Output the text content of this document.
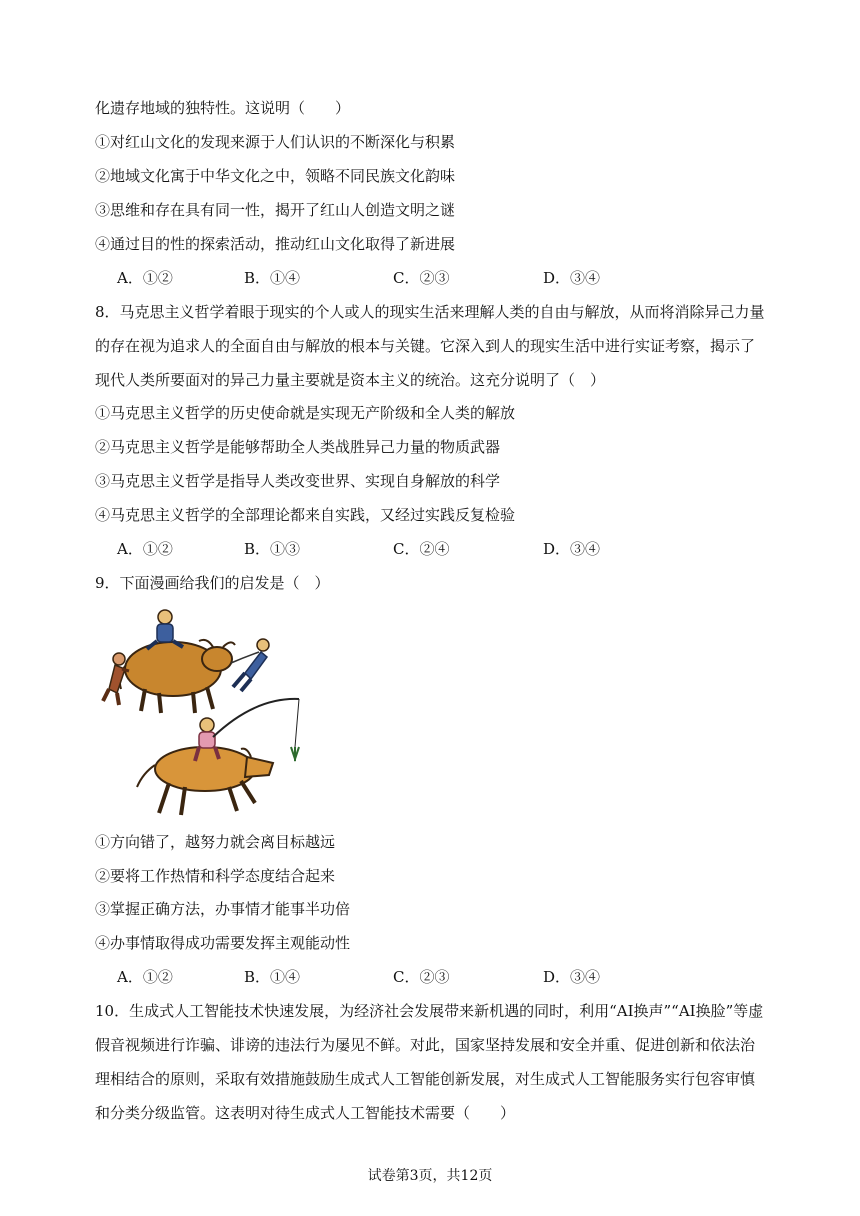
化遗存地域的独特性。这说明（　　）
①对红山文化的发现来源于人们认识的不断深化与积累
②地域文化寓于中华文化之中，领略不同民族文化韵味
③思维和存在具有同一性，揭开了红山人创造文明之谜
④通过目的性的探索活动，推动红山文化取得了新进展
A．①②	B．①④	C．②③	D．③④
8．马克思主义哲学着眼于现实的个人或人的现实生活来理解人类的自由与解放，从而将消除异己力量
的存在视为追求人的全面自由与解放的根本与关键。它深入到人的现实生活中进行实证考察，揭示了
现代人类所要面对的异己力量主要就是资本主义的统治。这充分说明了（　）
①马克思主义哲学的历史使命就是实现无产阶级和全人类的解放
②马克思主义哲学是能够帮助全人类战胜异己力量的物质武器
③马克思主义哲学是指导人类改变世界、实现自身解放的科学
④马克思主义哲学的全部理论都来自实践，又经过实践反复检验
A．①②	B．①③	C．②④	D．③④
9．下面漫画给我们的启发是（　）
①方向错了，越努力就会离目标越远
②要将工作热情和科学态度结合起来
③掌握正确方法，办事情才能事半功倍
④办事情取得成功需要发挥主观能动性
A．①②	B．①④	C．②③	D．③④
10．生成式人工智能技术快速发展，为经济社会发展带来新机遇的同时，利用“AI换声”“AI换脸”等虚
假音视频进行诈骗、诽谤的违法行为屡见不鲜。对此，国家坚持发展和安全并重、促进创新和依法治
理相结合的原则，采取有效措施鼓励生成式人工智能创新发展，对生成式人工智能服务实行包容审慎
和分类分级监管。这表明对待生成式人工智能技术需要（　　）
试卷第3页，共12页
